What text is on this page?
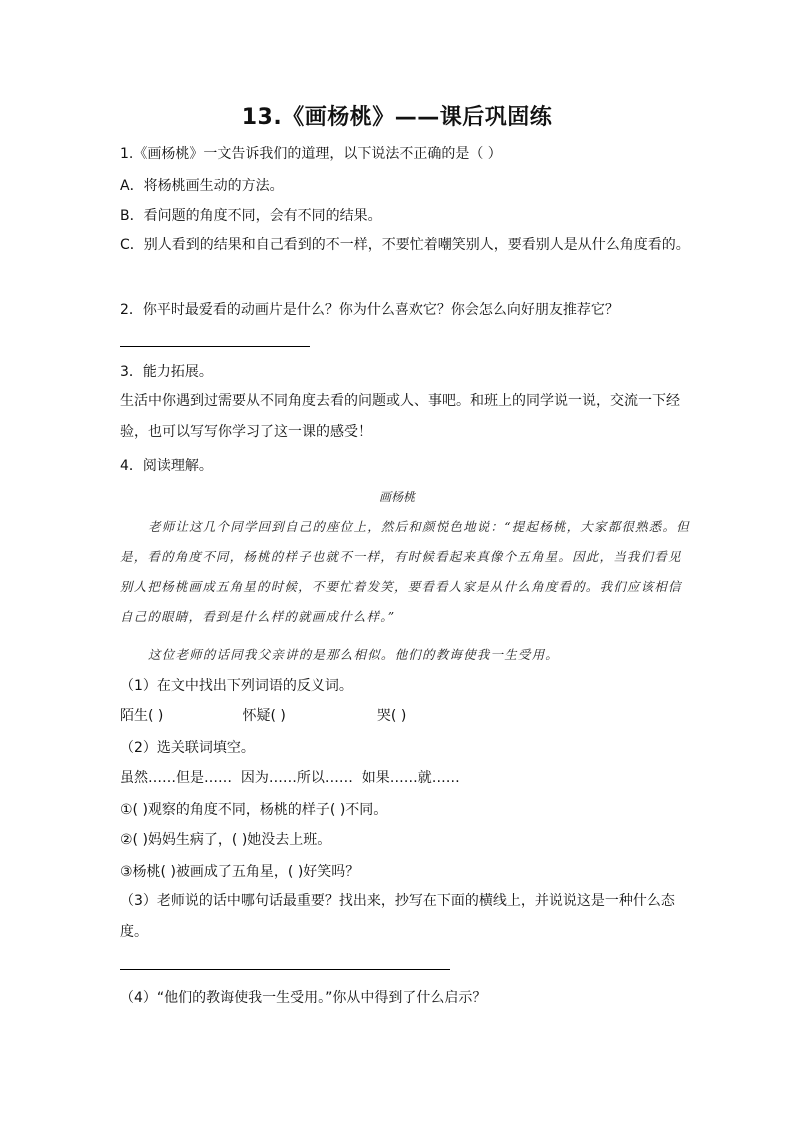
13.《画杨桃》——课后巩固练
1.《画杨桃》一文告诉我们的道理，以下说法不正确的是（ ）
A．将杨桃画生动的方法。
B．看问题的角度不同，会有不同的结果。
C．别人看到的结果和自己看到的不一样，不要忙着嘲笑别人，要看别人是从什么角度看的。
2．你平时最爱看的动画片是什么？你为什么喜欢它？你会怎么向好朋友推荐它？
3．能力拓展。
生活中你遇到过需要从不同角度去看的问题或人、事吧。和班上的同学说一说，交流一下经验，也可以写写你学习了这一课的感受！
4．阅读理解。
画杨桃
老师让这几个同学回到自己的座位上，然后和颜悦色地说：“提起杨桃，大家都很熟悉。但是，看的角度不同，杨桃的样子也就不一样，有时候看起来真像个五角星。因此，当我们看见别人把杨桃画成五角星的时候，不要忙着发笑，要看看人家是从什么角度看的。我们应该相信自己的眼睛，看到是什么样的就画成什么样。”
这位老师的话同我父亲讲的是那么相似。他们的教诲使我一生受用。
（1）在文中找出下列词语的反义词。
陌生( )	怀疑( )	哭( )
（2）选关联词填空。
虽然……但是……  因为……所以……  如果……就……
①( )观察的角度不同，杨桃的样子( )不同。
②( )妈妈生病了，( )她没去上班。
③杨桃( )被画成了五角星，( )好笑吗？
（3）老师说的话中哪句话最重要？找出来，抄写在下面的横线上，并说说这是一种什么态度。
（4）“他们的教诲使我一生受用。”你从中得到了什么启示？
